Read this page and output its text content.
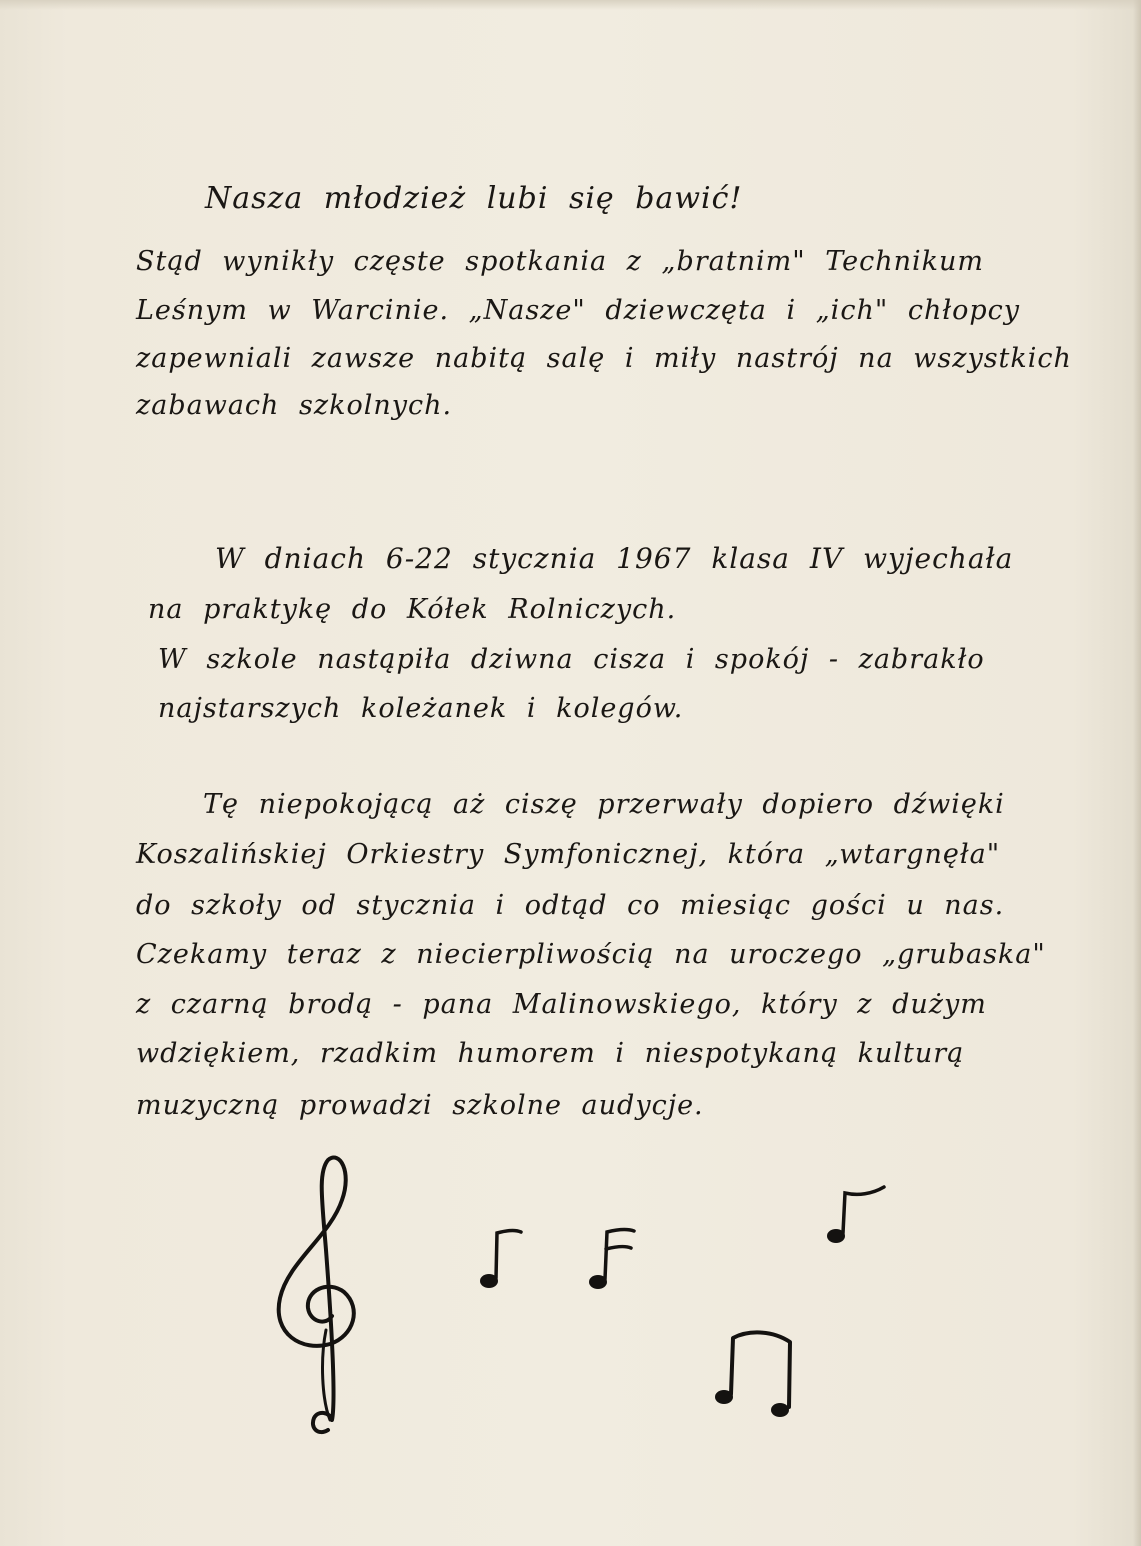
Nasza młodzież lubi się bawić!

Stąd wynikły częste spotkania z „bratnim" Technikum

Leśnym w Warcinie. „Nasze" dziewczęta i „ich" chłopcy

zapewniali zawsze nabitą salę i miły nastrój na wszystkich

zabawach szkolnych.

W dniach 6-22 stycznia 1967 klasa IV wyjechała

na praktykę do Kółek Rolniczych.

W szkole nastąpiła dziwna cisza i spokój - zabrakło

najstarszych koleżanek i kolegów.

Tę niepokojącą aż ciszę przerwały dopiero dźwięki

Koszalińskiej Orkiestry Symfonicznej, która „wtargnęła"

do szkoły od stycznia i odtąd co miesiąc gości u nas.

Czekamy teraz z niecierpliwością na uroczego „grubaska"

z czarną brodą - pana Malinowskiego, który z dużym

wdziękiem, rzadkim humorem i niespotykaną kulturą

muzyczną prowadzi szkolne audycje.
